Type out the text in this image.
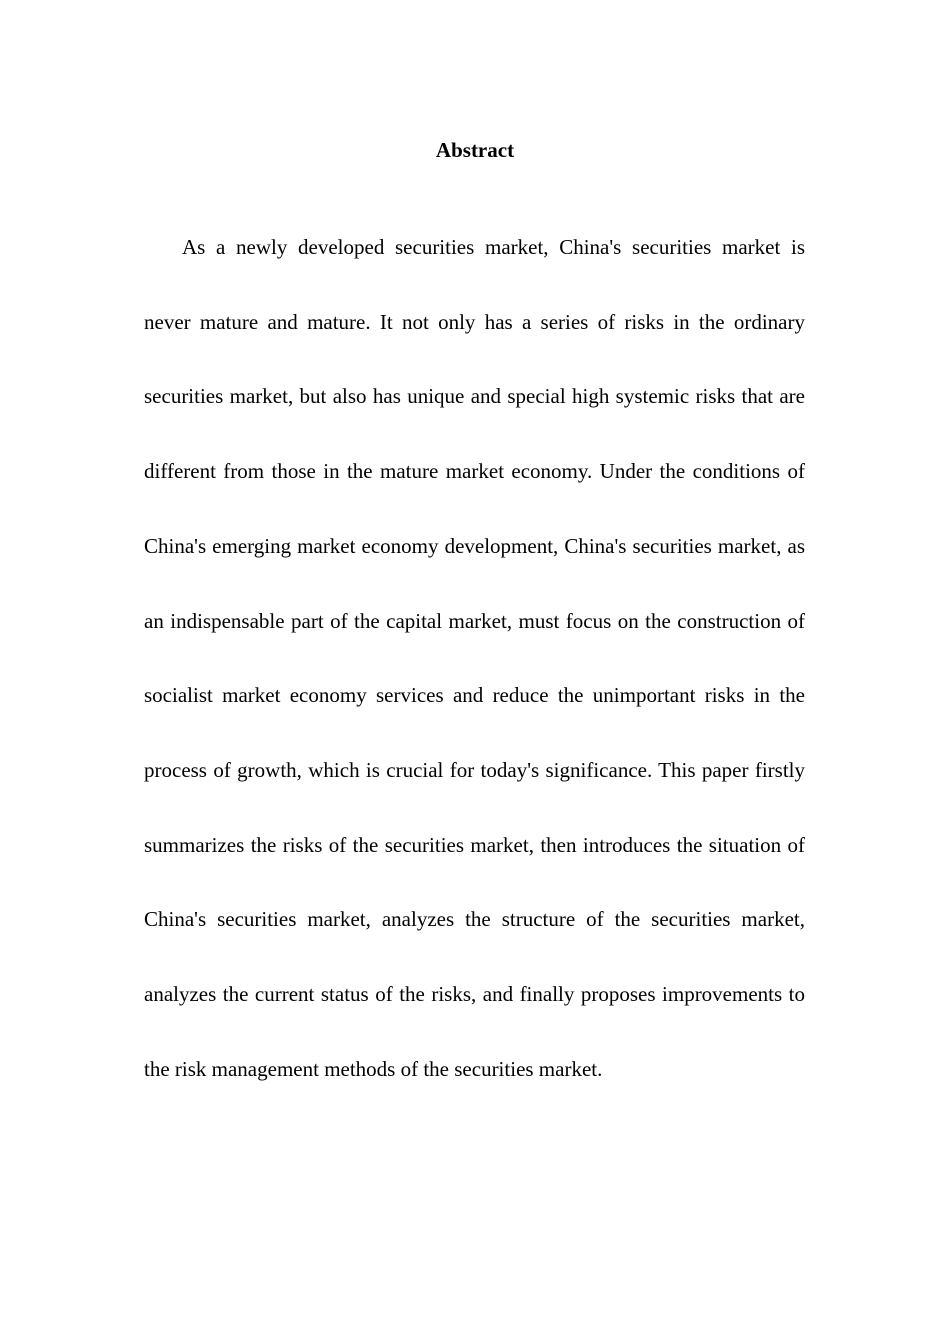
Abstract

As a newly developed securities market, China's securities market is never mature and mature. It not only has a series of risks in the ordinary securities market, but also has unique and special high systemic risks that are different from those in the mature market economy. Under the conditions of China's emerging market economy development, China's securities market, as an indispensable part of the capital market, must focus on the construction of socialist market economy services and reduce the unimportant risks in the process of growth, which is crucial for today's significance. This paper firstly summarizes the risks of the securities market, then introduces the situation of China's securities market, analyzes the structure of the securities market, analyzes the current status of the risks, and finally proposes improvements to the risk management methods of the securities market.
